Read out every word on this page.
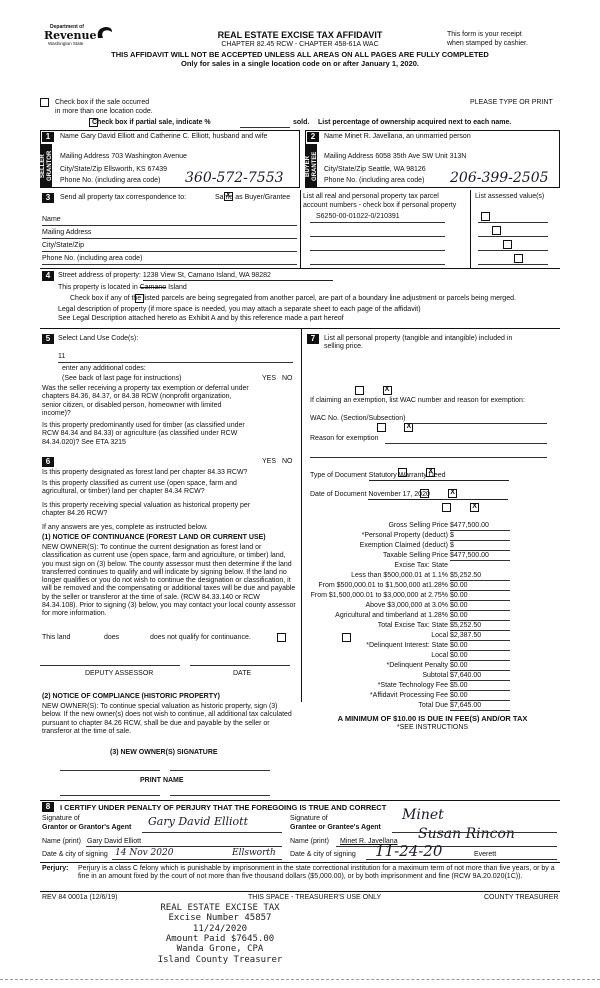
Department of
Revenue
Washington State
REAL ESTATE EXCISE TAX AFFIDAVIT
CHAPTER 82.45 RCW - CHAPTER 458-61A WAC
This form is your receipt
when stamped by cashier.
THIS AFFIDAVIT WILL NOT BE ACCEPTED UNLESS ALL AREAS ON ALL PAGES ARE FULLY COMPLETED
Only for sales in a single location code on or after January 1, 2020.

Check box if the sale occurred
in more than one location code.
PLEASE TYPE OR PRINT

Check box if partial sale, indicate %	sold. List percentage of ownership acquired next to each name.
1
SELLER GRANTOR
Name Gary David Elliott and Catherine C. Elliott, husband and wife
Mailing Address 703 Washington Avenue
City/State/Zip Ellsworth, KS 67439
Phone No. (including area code) 360-572-7553
2
BUYER GRANTEE
Name Minet R. Javellana, an unmarried person
Mailing Address 6058 35th Ave SW Unit 313N
City/State/Zip Seattle, WA 98126
Phone No. (including area code) 206-399-2505
3	Send all property tax correspondence to:
X	Same as Buyer/Grantee
Name
Mailing Address
City/State/Zip
Phone No. (including area code)
List all real and personal property tax parcel
account numbers - check box if personal property
List assessed value(s)
S6250-00-01022-0/210391

4	Street address of property: 1238 View St, Camano Island, WA 98282
This property is located in Camano Island

Check box if any of the listed parcels are being segregated from another parcel, are part of a boundary line adjustment or parcels being merged.
Legal description of property (if more space is needed, you may attach a separate sheet to each page of the affidavit)
See Legal Description attached hereto as Exhibit A and by this reference made a part hereof
5	Select Land Use Code(s):
11
enter any additional codes:
(See back of last page for instructions)	YES NO
Was the seller receiving a property tax exemption or deferral under chapters 84.36, 84.37, or 84.38 RCW (nonprofit organization, senior citizen, or disabled person, homeowner with limited income)?
X
Is this property predominantly used for timber (as classified under RCW 84.34 and 84.33) or agriculture (as classified under RCW 84.34.020)? See ETA 3215
X
6	YES NO
Is this property designated as forest land per chapter 84.33 RCW?
X
Is this property classified as current use (open space, farm and agricultural, or timber) land per chapter 84.34 RCW?
X
Is this property receiving special valuation as historical property per chapter 84.26 RCW?
X
If any answers are yes, complete as instructed below.
(1) NOTICE OF CONTINUANCE (FOREST LAND OR CURRENT USE)
NEW OWNER(S): To continue the current designation as forest land or classification as current use (open space, farm and agriculture, or timber) land, you must sign on (3) below. The county assessor must then determine if the land transferred continues to qualify and will indicate by signing below. If the land no longer qualifies or you do not wish to continue the designation or classification, it will be removed and the compensating or additional taxes will be due and payable by the seller or transferor at the time of sale. (RCW 84.33.140 or RCW 84.34.108). Prior to signing (3) below, you may contact your local county assessor for more information.
This land
	does	does not qualify for continuance.
DEPUTY ASSESSOR	DATE
(2) NOTICE OF COMPLIANCE (HISTORIC PROPERTY)
NEW OWNER(S): To continue special valuation as historic property, sign (3) below. If the new owner(s) does not wish to continue, all additional tax calculated pursuant to chapter 84.26 RCW, shall be due and payable by the seller or transferor at the time of sale.
(3) NEW OWNER(S) SIGNATURE
PRINT NAME
7	List all personal property (tangible and intangible) included in selling price.
If claiming an exemption, list WAC number and reason for exemption:
WAC No. (Section/Subsection)
Reason for exemption
Type of Document Statutory Warranty Deed
Date of Document November 17, 2020
Gross Selling Price $477,500.00
*Personal Property (deduct) $
Exemption Claimed (deduct) $
Taxable Selling Price $477,500.00
Excise Tax: State
Less than $500,000.01 at 1.1% $5,252.50
From $500,000.01 to $1,500,000 at1.28% $0.00
From $1,500,000.01 to $3,000,000 at 2.75% $0.00
Above $3,000,000 at 3.0% $0.00
Agricultural and timberland at 1.28% $0.00
Total Excise Tax: State $5,252.50
Local $2,387.50
*Delinquent Interest: State $0.00
Local $0.00
*Delinquent Penalty $0.00
Subtotal $7,640.00
*State Technology Fee $5.00
*Affidavit Processing Fee $0.00
Total Due $7,645.00
A MINIMUM OF $10.00 IS DUE IN FEE(S) AND/OR TAX
*SEE INSTRUCTIONS
8	I CERTIFY UNDER PENALTY OF PERJURY THAT THE FOREGOING IS TRUE AND CORRECT
Signature of
Grantor or Grantor's Agent Gary David Elliott
Name (print) Gary David Elliott
Date & city of signing 14 Nov 2020	Ellsworth
Signature of
Grantee or Grantee's Agent
Minet
Susan Rincon
Name (print) Minet R. Javellana
Date & city of signing 11-24-20	Everett
Perjury: Perjury is a class C felony which is punishable by imprisonment in the state correctional institution for a maximum term of not more than five years, or by a fine in an amount fixed by the court of not more than five thousand dollars ($5,000.00), or by both imprisonment and fine (RCW 9A.20.020(1C)).
REV 84 0001a (12/6/19)	THIS SPACE - TREASURER'S USE ONLY	COUNTY TREASURER
REAL ESTATE EXCISE TAX
Excise Number 45857
11/24/2020
Amount Paid $7645.00
Wanda Grone, CPA
Island County Treasurer
